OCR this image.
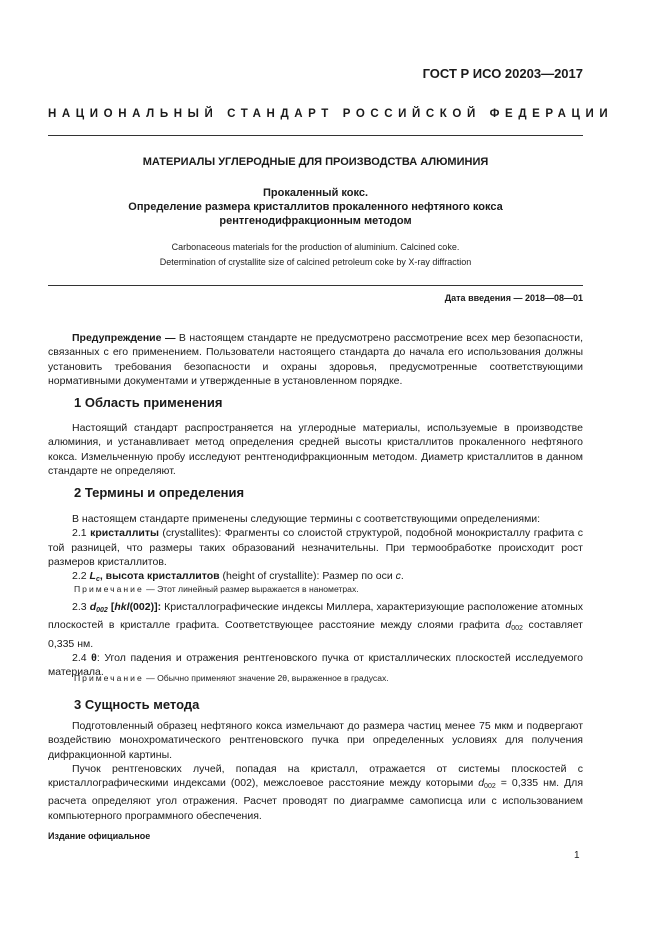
ГОСТ Р ИСО 20203—2017
НАЦИОНАЛЬНЫЙ СТАНДАРТ РОССИЙСКОЙ ФЕДЕРАЦИИ
МАТЕРИАЛЫ УГЛЕРОДНЫЕ ДЛЯ ПРОИЗВОДСТВА АЛЮМИНИЯ
Прокаленный кокс.
Определение размера кристаллитов прокаленного нефтяного кокса
рентгенодифракционным методом
Carbonaceous materials for the production of aluminium. Calcined coke.
Determination of crystallite size of calcined petroleum coke by X-ray diffraction
Дата введения — 2018—08—01

Предупреждение — В настоящем стандарте не предусмотрено рассмотрение всех мер безопасности, связанных с его применением. Пользователи настоящего стандарта до начала его использования должны установить требования безопасности и охраны здоровья, предусмотренные соответствующими нормативными документами и утвержденные в установленном порядке.

1 Область применения

Настоящий стандарт распространяется на углеродные материалы, используемые в производстве алюминия, и устанавливает метод определения средней высоты кристаллитов прокаленного нефтяного кокса. Измельченную пробу исследуют рентгенодифракционным методом. Диаметр кристаллитов в данном стандарте не определяют.

2 Термины и определения

В настоящем стандарте применены следующие термины с соответствующими определениями:

2.1 кристаллиты (crystallites): Фрагменты со слоистой структурой, подобной монокристаллу графита с той разницей, что размеры таких образований незначительны. При термообработке происходит рост размеров кристаллитов.

2.2 $L_c$, высота кристаллитов (height of crystallite): Размер по оси c.

Примечание — Этот линейный размер выражается в нанометрах.

2.3 $d_{002}$ [hkl(002)]: Кристаллографические индексы Миллера, характеризующие расположение атомных плоскостей в кристалле графита. Соответствующее расстояние между слоями графита $d_{002}$ составляет 0,335 нм.

2.4 θ: Угол падения и отражения рентгеновского пучка от кристаллических плоскостей исследуемого материала.

Примечание — Обычно применяют значение 2θ, выраженное в градусах.
3 Сущность метода

Подготовленный образец нефтяного кокса измельчают до размера частиц менее 75 мкм и подвергают воздействию монохроматического рентгеновского пучка при определенных условиях для получения дифракционной картины.

Пучок рентгеновских лучей, попадая на кристалл, отражается от системы плоскостей с кристаллографическими индексами (002), межслоевое расстояние между которыми $d_{002} = 0,335$ нм. Для расчета определяют угол отражения. Расчет проводят по диаграмме самописца или с использованием компьютерного программного обеспечения.

Издание официальное
1
